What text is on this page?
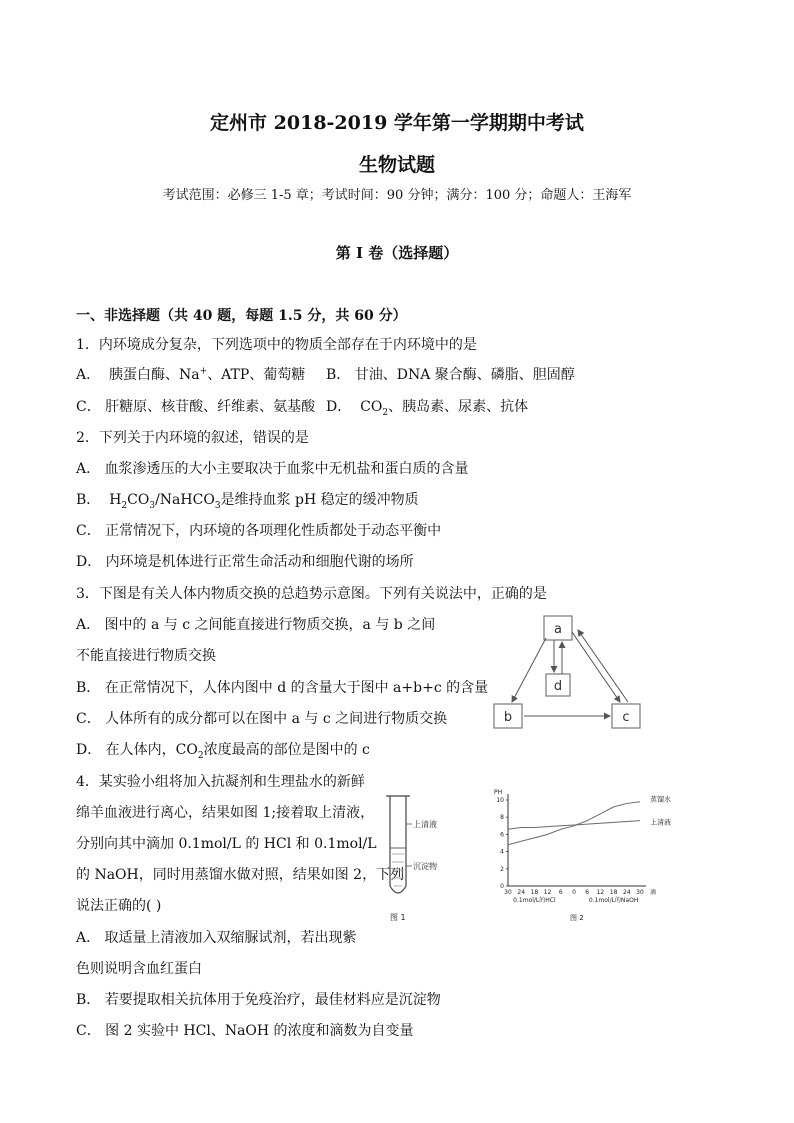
定州市 2018-2019 学年第一学期期中考试
生物试题
考试范围：必修三 1-5 章；考试时间：90 分钟；满分：100 分；命题人：王海军
第 I 卷（选择题）
一、非选择题（共 40 题，每题 1.5 分，共 60 分）
1．内环境成分复杂，下列选项中的物质全部存在于内环境中的是
A． 胰蛋白酶、Na+、ATP、葡萄糖 B． 甘油、DNA 聚合酶、磷脂、胆固醇
C． 肝糖原、核苷酸、纤维素、氨基酸 D． $CO_2$、胰岛素、尿素、抗体
2．下列关于内环境的叙述，错误的是
A． 血浆渗透压的大小主要取决于血浆中无机盐和蛋白质的含量
B． $H_2CO_3/NaHCO_3$是维持血浆 pH 稳定的缓冲物质
C． 正常情况下，内环境的各项理化性质都处于动态平衡中
D． 内环境是机体进行正常生命活动和细胞代谢的场所
3．下图是有关人体内物质交换的总趋势示意图。下列有关说法中，正确的是
A． 图中的 a 与 c 之间能直接进行物质交换，a 与 b 之间
不能直接进行物质交换
B． 在正常情况下，人体内图中 d 的含量大于图中 a+b+c 的含量
C． 人体所有的成分都可以在图中 a 与 c 之间进行物质交换
D． 在人体内，$CO_2$浓度最高的部位是图中的 c
a
d
b	c
4．某实验小组将加入抗凝剂和生理盐水的新鲜
绵羊血液进行离心，结果如图 1;接着取上清液，
分别向其中滴加 0.1mol/L 的 HCl 和 0.1mol/L
的 NaOH，同时用蒸馏水做对照，结果如图 2，下列
说法正确的( )
A． 取适量上清液加入双缩脲试剂，若出现紫
色则说明含血红蛋白
B． 若要提取相关抗体用于免疫治疗，最佳材料应是沉淀物
C． 图 2 实验中 HCl、NaOH 的浓度和滴数为自变量
上清液
沉淀物
图 1
PH
0
2
4
6
8
10
30 24 18 12 6 0 6 12 18 24 30 滴
0.1mol/L的HCl	0.1mol/L的NaOH
蒸馏水
上清液
图 2
